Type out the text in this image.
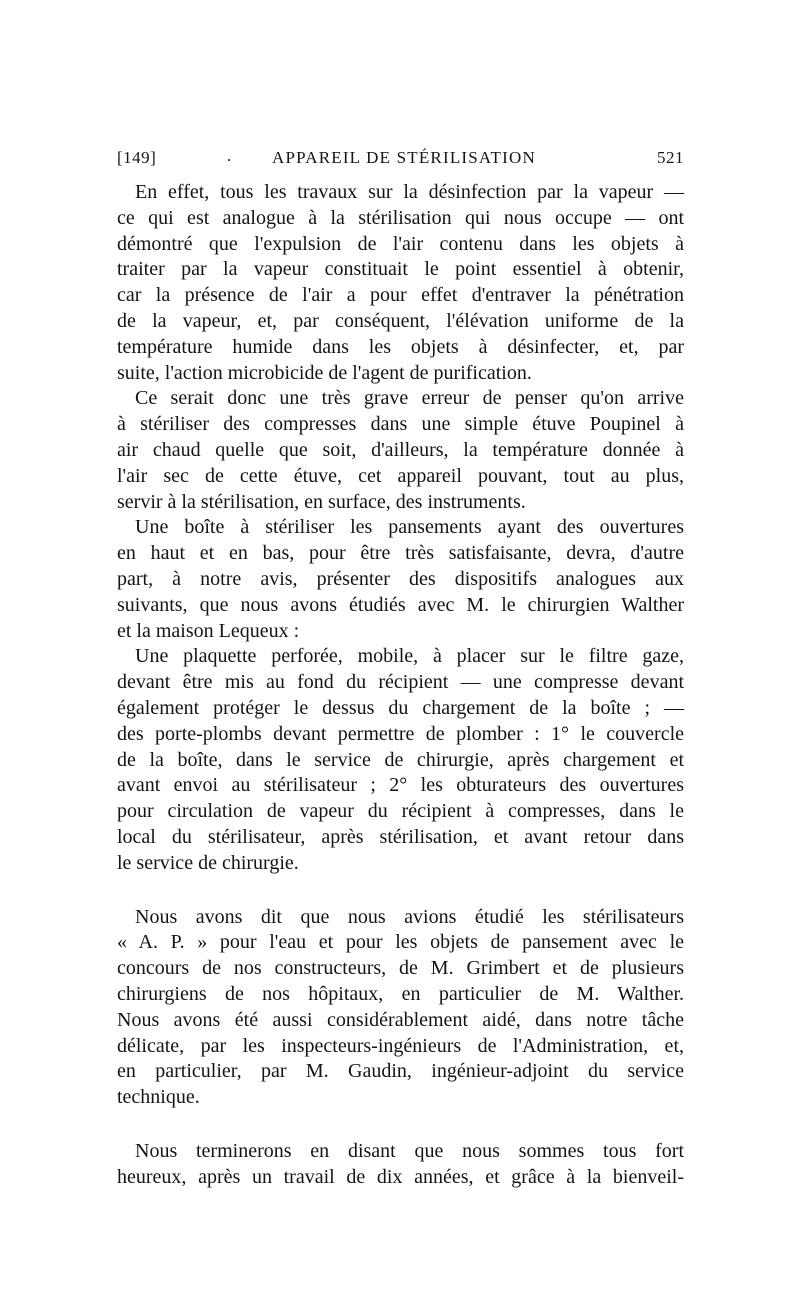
[149]	. APPAREIL DE STÉRILISATION	521
En effet, tous les travaux sur la désinfection par la vapeur —
ce qui est analogue à la stérilisation qui nous occupe — ont
démontré que l'expulsion de l'air contenu dans les objets à
traiter par la vapeur constituait le point essentiel à obtenir,
car la présence de l'air a pour effet d'entraver la pénétration
de la vapeur, et, par conséquent, l'élévation uniforme de la
température humide dans les objets à désinfecter, et, par
suite, l'action microbicide de l'agent de purification.
Ce serait donc une très grave erreur de penser qu'on arrive
à stériliser des compresses dans une simple étuve Poupinel à
air chaud quelle que soit, d'ailleurs, la température donnée à
l'air sec de cette étuve, cet appareil pouvant, tout au plus,
servir à la stérilisation, en surface, des instruments.
Une boîte à stériliser les pansements ayant des ouvertures
en haut et en bas, pour être très satisfaisante, devra, d'autre
part, à notre avis, présenter des dispositifs analogues aux
suivants, que nous avons étudiés avec M. le chirurgien Walther
et la maison Lequeux :
Une plaquette perforée, mobile, à placer sur le filtre gaze,
devant être mis au fond du récipient — une compresse devant
également protéger le dessus du chargement de la boîte ; —
des porte-plombs devant permettre de plomber : 1° le couvercle
de la boîte, dans le service de chirurgie, après chargement et
avant envoi au stérilisateur ; 2° les obturateurs des ouvertures
pour circulation de vapeur du récipient à compresses, dans le
local du stérilisateur, après stérilisation, et avant retour dans
le service de chirurgie.
Nous avons dit que nous avions étudié les stérilisateurs
« A. P. » pour l'eau et pour les objets de pansement avec le
concours de nos constructeurs, de M. Grimbert et de plusieurs
chirurgiens de nos hôpitaux, en particulier de M. Walther.
Nous avons été aussi considérablement aidé, dans notre tâche
délicate, par les inspecteurs-ingénieurs de l'Administration, et,
en particulier, par M. Gaudin, ingénieur-adjoint du service
technique.
Nous terminerons en disant que nous sommes tous fort
heureux, après un travail de dix années, et grâce à la bienveil-
